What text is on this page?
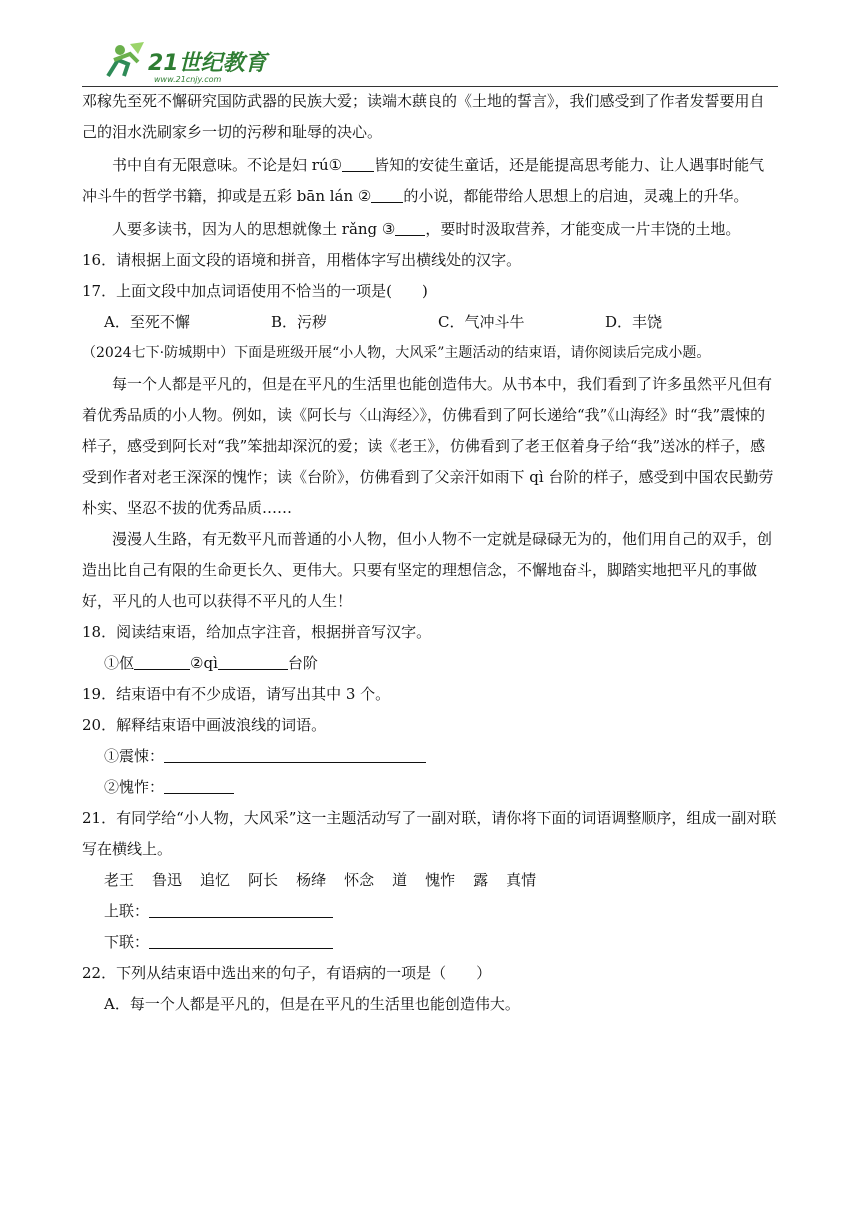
21世纪教育
www.21cnjy.com

邓稼先至死不懈研究国防武器的民族大爱；读端木蕻良的《土地的誓言》，我们感受到了作者发誓要用自己的泪水洗刷家乡一切的污秽和耻辱的决心。

书中自有无限意味。不论是妇 rú① 皆知的安徒生童话，还是能提高思考能力、让人遇事时能气冲斗牛的哲学书籍，抑或是五彩 bān lán ② 的小说，都能带给人思想上的启迪，灵魂上的升华。

人要多读书，因为人的思想就像土 rǎng ③ ，要时时汲取营养，才能变成一片丰饶的土地。

16．请根据上面文段的语境和拼音，用楷体字写出横线处的汉字。

17．上面文段中加点词语使用不恰当的一项是(　　)

A．至死不懈	B．污秽	C．气冲斗牛	D．丰饶

（2024七下·防城期中）下面是班级开展“小人物，大风采”主题活动的结束语，请你阅读后完成小题。

每一个人都是平凡的，但是在平凡的生活里也能创造伟大。从书本中，我们看到了许多虽然平凡但有着优秀品质的小人物。例如，读《阿长与〈山海经〉》，仿佛看到了阿长递给“我”《山海经》时“我”震悚的样子，感受到阿长对“我”笨拙却深沉的爱；读《老王》，仿佛看到了老王伛着身子给“我”送冰的样子，感受到作者对老王深深的愧怍；读《台阶》，仿佛看到了父亲汗如雨下 qì 台阶的样子，感受到中国农民勤劳朴实、坚忍不拔的优秀品质……

漫漫人生路，有无数平凡而普通的小人物，但小人物不一定就是碌碌无为的，他们用自己的双手，创造出比自己有限的生命更长久、更伟大。只要有坚定的理想信念，不懈地奋斗，脚踏实地把平凡的事做好，平凡的人也可以获得不平凡的人生！

18．阅读结束语，给加点字注音，根据拼音写汉字。

①伛	②qì	台阶

19．结束语中有不少成语，请写出其中 3 个。

20．解释结束语中画波浪线的词语。

①震悚：

②愧怍：

21．有同学给“小人物，大风采”这一主题活动写了一副对联，请你将下面的词语调整顺序，组成一副对联写在横线上。

老王 鲁迅 追忆 阿长 杨绛 怀念 道 愧怍 露 真情

上联：

下联：

22．下列从结束语中选出来的句子，有语病的一项是（　　）

A．每一个人都是平凡的，但是在平凡的生活里也能创造伟大。
